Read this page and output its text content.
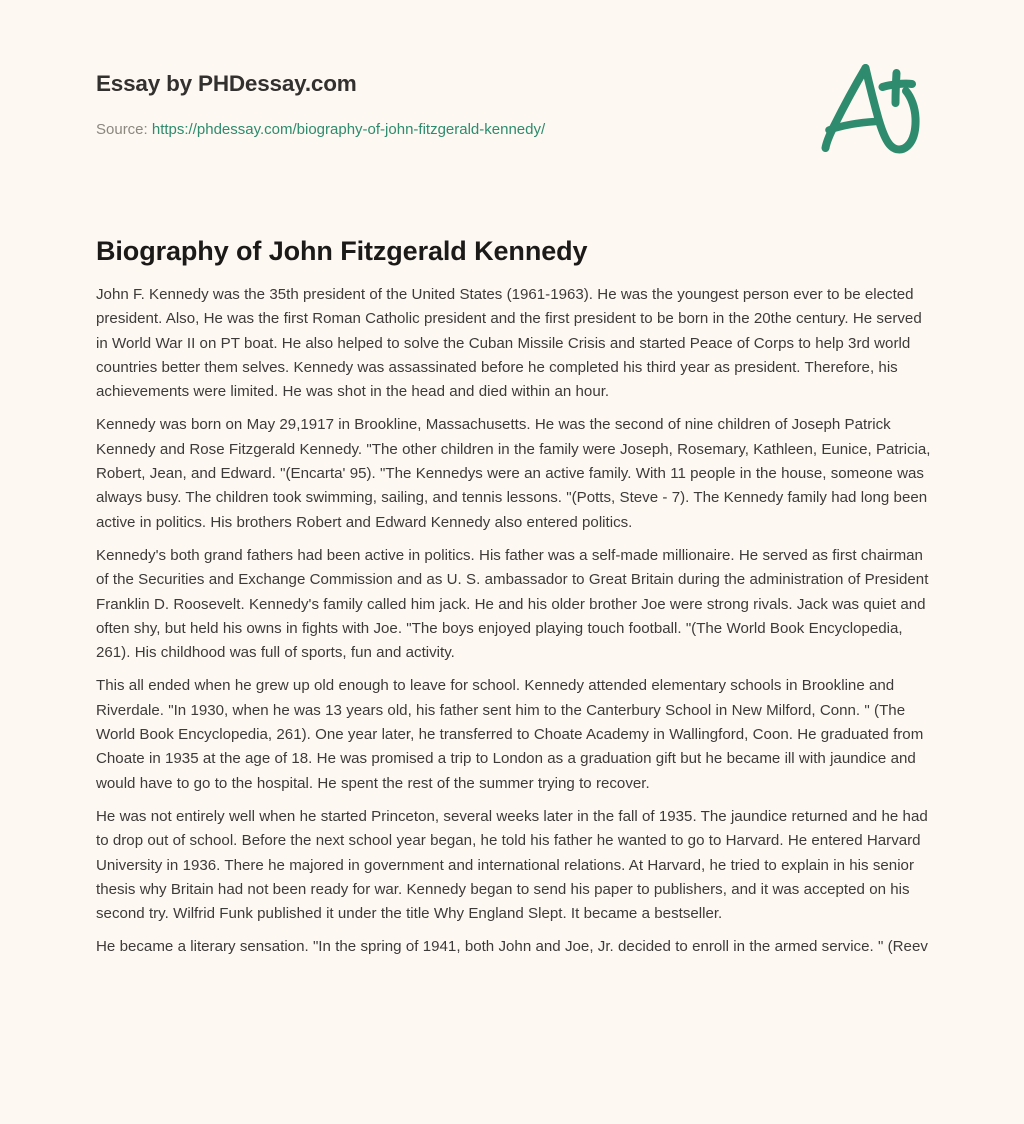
Essay by PHDessay.com
Source: https://phdessay.com/biography-of-john-fitzgerald-kennedy/
Biography of John Fitzgerald Kennedy

John F. Kennedy was the 35th president of the United States (1961-1963). He was the youngest person ever to be elected president. Also, He was the first Roman Catholic president and the first president to be born in the 20the century. He served in World War II on PT boat. He also helped to solve the Cuban Missile Crisis and started Peace of Corps to help 3rd world countries better them selves. Kennedy was assassinated before he completed his third year as president. Therefore, his achievements were limited. He was shot in the head and died within an hour.

Kennedy was born on May 29,1917 in Brookline, Massachusetts. He was the second of nine children of Joseph Patrick Kennedy and Rose Fitzgerald Kennedy. "The other children in the family were Joseph, Rosemary, Kathleen, Eunice, Patricia, Robert, Jean, and Edward. "(Encarta' 95). "The Kennedys were an active family. With 11 people in the house, someone was always busy. The children took swimming, sailing, and tennis lessons. "(Potts, Steve - 7). The Kennedy family had long been active in politics. His brothers Robert and Edward Kennedy also entered politics.

Kennedy's both grand fathers had been active in politics. His father was a self-made millionaire. He served as first chairman of the Securities and Exchange Commission and as U. S. ambassador to Great Britain during the administration of President Franklin D. Roosevelt. Kennedy's family called him jack. He and his older brother Joe were strong rivals. Jack was quiet and often shy, but held his owns in fights with Joe. "The boys enjoyed playing touch football. "(The World Book Encyclopedia, 261). His childhood was full of sports, fun and activity.

This all ended when he grew up old enough to leave for school. Kennedy attended elementary schools in Brookline and Riverdale. "In 1930, when he was 13 years old, his father sent him to the Canterbury School in New Milford, Conn. " (The World Book Encyclopedia, 261). One year later, he transferred to Choate Academy in Wallingford, Coon. He graduated from Choate in 1935 at the age of 18. He was promised a trip to London as a graduation gift but he became ill with jaundice and would have to go to the hospital. He spent the rest of the summer trying to recover.

He was not entirely well when he started Princeton, several weeks later in the fall of 1935. The jaundice returned and he had to drop out of school. Before the next school year began, he told his father he wanted to go to Harvard. He entered Harvard University in 1936. There he majored in government and international relations. At Harvard, he tried to explain in his senior thesis why Britain had not been ready for war. Kennedy began to send his paper to publishers, and it was accepted on his second try. Wilfrid Funk published it under the title Why England Slept. It became a bestseller.

He became a literary sensation. "In the spring of 1941, both John and Joe, Jr. decided to enroll in the armed service. " (Reev
